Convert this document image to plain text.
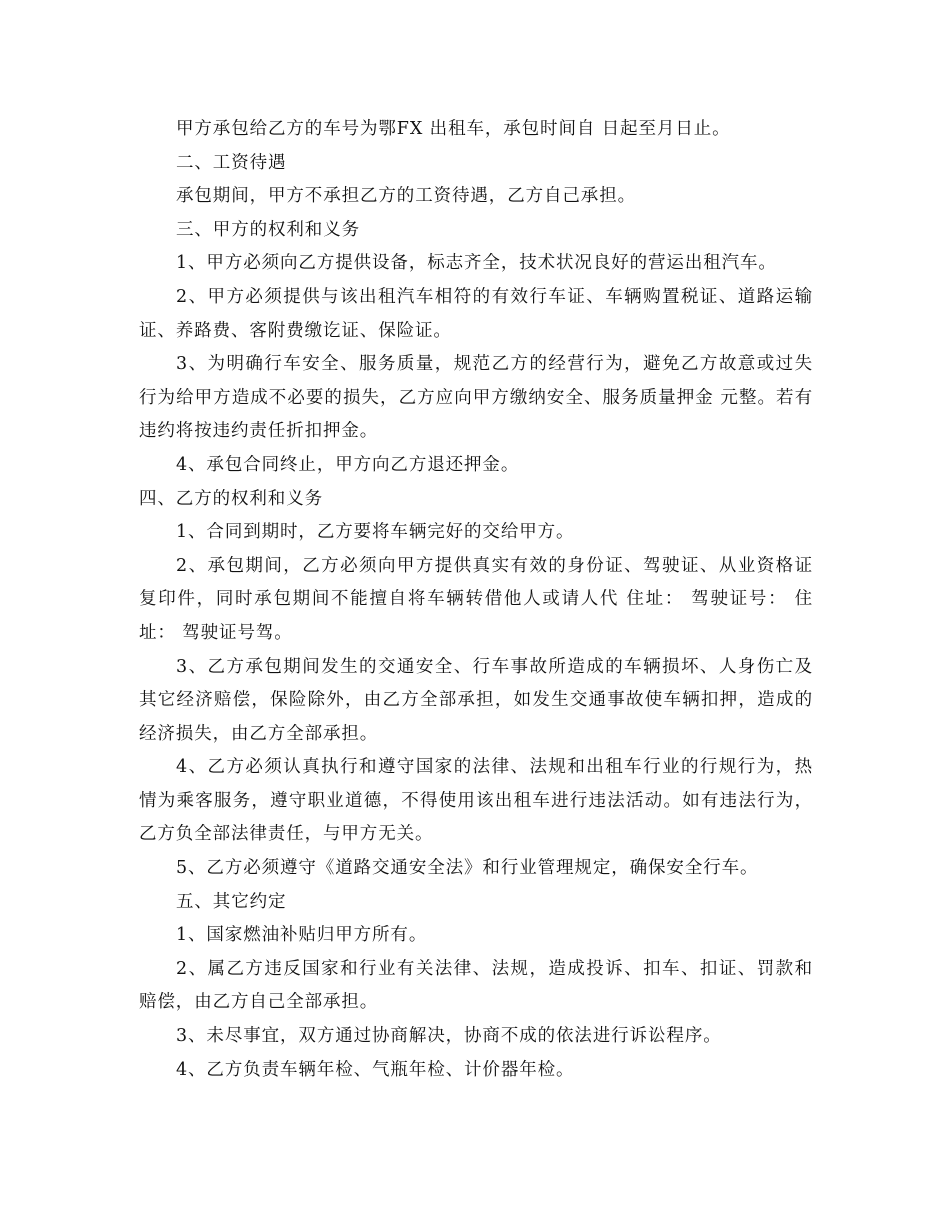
甲方承包给乙方的车号为鄂FX 出租车，承包时间自 日起至月日止。

二、工资待遇

承包期间，甲方不承担乙方的工资待遇，乙方自己承担。

三、甲方的权利和义务

1、甲方必须向乙方提供设备，标志齐全，技术状况良好的营运出租汽车。

2、甲方必须提供与该出租汽车相符的有效行车证、车辆购置税证、道路运输证、养路费、客附费缴讫证、保险证。

3、为明确行车安全、服务质量，规范乙方的经营行为，避免乙方故意或过失行为给甲方造成不必要的损失，乙方应向甲方缴纳安全、服务质量押金 元整。若有违约将按违约责任折扣押金。

4、承包合同终止，甲方向乙方退还押金。

四、乙方的权利和义务

1、合同到期时，乙方要将车辆完好的交给甲方。

2、承包期间，乙方必须向甲方提供真实有效的身份证、驾驶证、从业资格证复印件，同时承包期间不能擅自将车辆转借他人或请人代 住址： 驾驶证号： 住址： 驾驶证号驾。

3、乙方承包期间发生的交通安全、行车事故所造成的车辆损坏、人身伤亡及其它经济赔偿，保险除外，由乙方全部承担，如发生交通事故使车辆扣押，造成的经济损失，由乙方全部承担。

4、乙方必须认真执行和遵守国家的法律、法规和出租车行业的行规行为，热情为乘客服务，遵守职业道德，不得使用该出租车进行违法活动。如有违法行为，乙方负全部法律责任，与甲方无关。

5、乙方必须遵守《道路交通安全法》和行业管理规定，确保安全行车。

五、其它约定

1、国家燃油补贴归甲方所有。

2、属乙方违反国家和行业有关法律、法规，造成投诉、扣车、扣证、罚款和赔偿，由乙方自己全部承担。

3、未尽事宜，双方通过协商解决，协商不成的依法进行诉讼程序。

4、乙方负责车辆年检、气瓶年检、计价器年检。
